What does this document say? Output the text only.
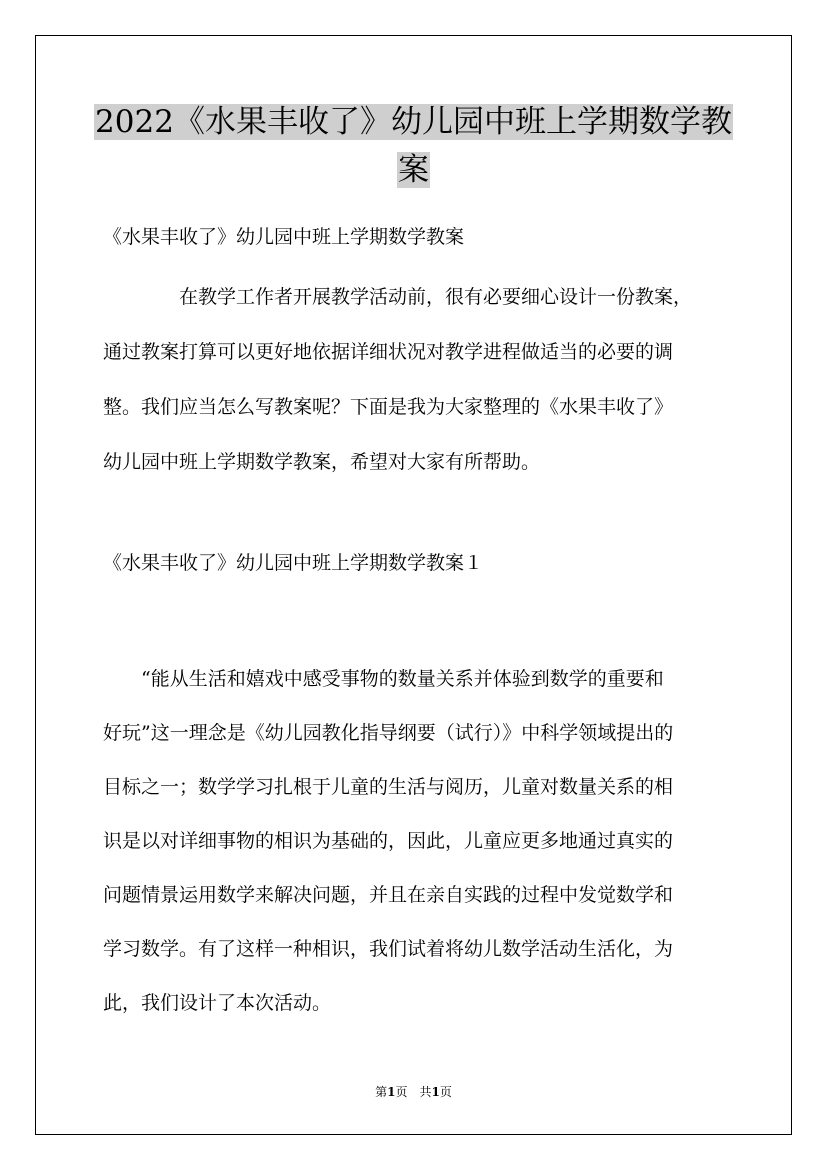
2022《水果丰收了》幼儿园中班上学期数学教
案
《水果丰收了》幼儿园中班上学期数学教案
　　　　在教学工作者开展教学活动前，很有必要细心设计一份教案，
通过教案打算可以更好地依据详细状况对教学进程做适当的必要的调
整。我们应当怎么写教案呢？下面是我为大家整理的《水果丰收了》
幼儿园中班上学期数学教案，希望对大家有所帮助。
《水果丰收了》幼儿园中班上学期数学教案１
　　“能从生活和嬉戏中感受事物的数量关系并体验到数学的重要和
好玩”这一理念是《幼儿园教化指导纲要（试行）》中科学领域提出的
目标之一；数学学习扎根于儿童的生活与阅历，儿童对数量关系的相
识是以对详细事物的相识为基础的，因此，儿童应更多地通过真实的
问题情景运用数学来解决问题，并且在亲自实践的过程中发觉数学和
学习数学。有了这样一种相识，我们试着将幼儿数学活动生活化，为
此，我们设计了本次活动。
第1页　共1页
